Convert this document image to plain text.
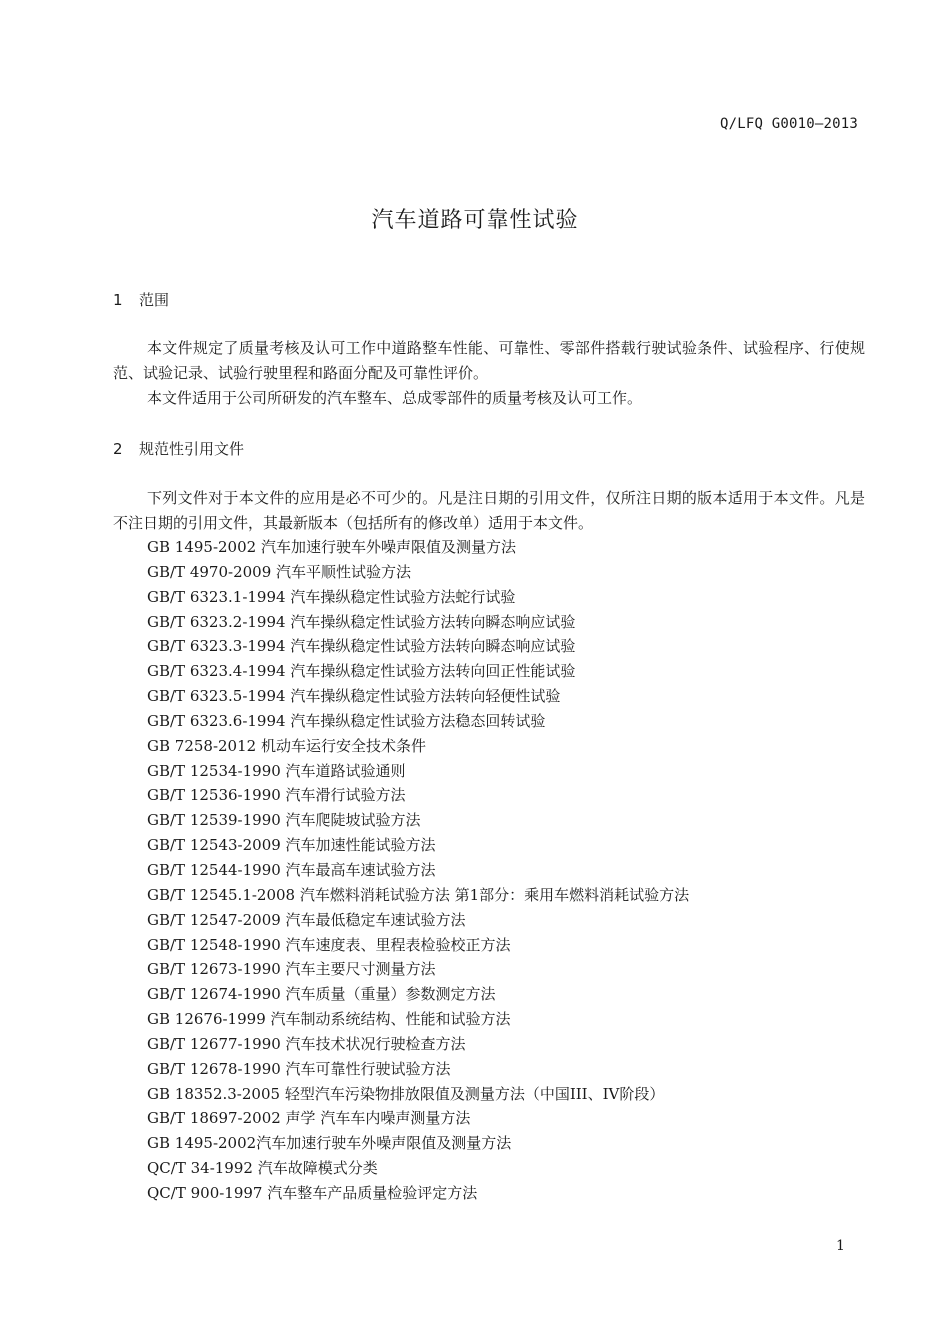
Q/LFQ G0010—2013
汽车道路可靠性试验
1 范围
本文件规定了质量考核及认可工作中道路整车性能、可靠性、零部件搭载行驶试验条件、试验程序、行使规范、试验记录、试验行驶里程和路面分配及可靠性评价。
本文件适用于公司所研发的汽车整车、总成零部件的质量考核及认可工作。
2 规范性引用文件
下列文件对于本文件的应用是必不可少的。凡是注日期的引用文件，仅所注日期的版本适用于本文件。凡是不注日期的引用文件，其最新版本（包括所有的修改单）适用于本文件。
GB 1495-2002 汽车加速行驶车外噪声限值及测量方法
GB/T 4970-2009 汽车平顺性试验方法
GB/T 6323.1-1994 汽车操纵稳定性试验方法蛇行试验
GB/T 6323.2-1994 汽车操纵稳定性试验方法转向瞬态响应试验
GB/T 6323.3-1994 汽车操纵稳定性试验方法转向瞬态响应试验
GB/T 6323.4-1994 汽车操纵稳定性试验方法转向回正性能试验
GB/T 6323.5-1994 汽车操纵稳定性试验方法转向轻便性试验
GB/T 6323.6-1994 汽车操纵稳定性试验方法稳态回转试验
GB 7258-2012 机动车运行安全技术条件
GB/T 12534-1990 汽车道路试验通则
GB/T 12536-1990 汽车滑行试验方法
GB/T 12539-1990 汽车爬陡坡试验方法
GB/T 12543-2009 汽车加速性能试验方法
GB/T 12544-1990 汽车最高车速试验方法
GB/T 12545.1-2008 汽车燃料消耗试验方法 第1部分：乘用车燃料消耗试验方法
GB/T 12547-2009 汽车最低稳定车速试验方法
GB/T 12548-1990 汽车速度表、里程表检验校正方法
GB/T 12673-1990 汽车主要尺寸测量方法
GB/T 12674-1990 汽车质量（重量）参数测定方法
GB 12676-1999 汽车制动系统结构、性能和试验方法
GB/T 12677-1990 汽车技术状况行驶检查方法
GB/T 12678-1990 汽车可靠性行驶试验方法
GB 18352.3-2005 轻型汽车污染物排放限值及测量方法（中国III、IV阶段）
GB/T 18697-2002 声学 汽车车内噪声测量方法
GB 1495-2002汽车加速行驶车外噪声限值及测量方法
QC/T 34-1992 汽车故障模式分类
QC/T 900-1997 汽车整车产品质量检验评定方法
1
